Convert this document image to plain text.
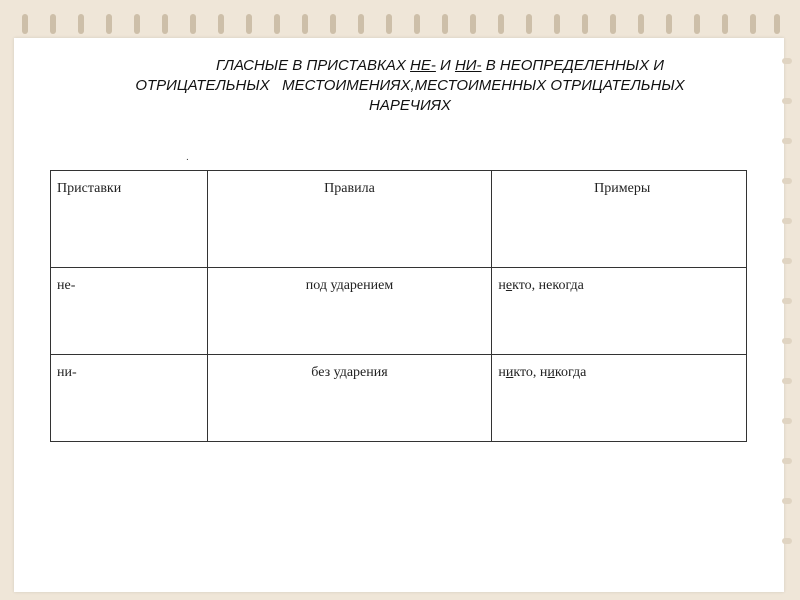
ГЛАСНЫЕ В ПРИСТАВКАХ НЕ- И НИ- В НЕОПРЕДЕЛЕННЫХ И
ОТРИЦАТЕЛЬНЫХ   МЕСТОИМЕНИЯХ,МЕСТОИМЕННЫХ ОТРИЦАТЕЛЬНЫХ
НАРЕЧИЯХ
.
Приставки	Правила	Примеры
не-	под ударением	некто, некогда
ни-	без ударения	никто, никогда
